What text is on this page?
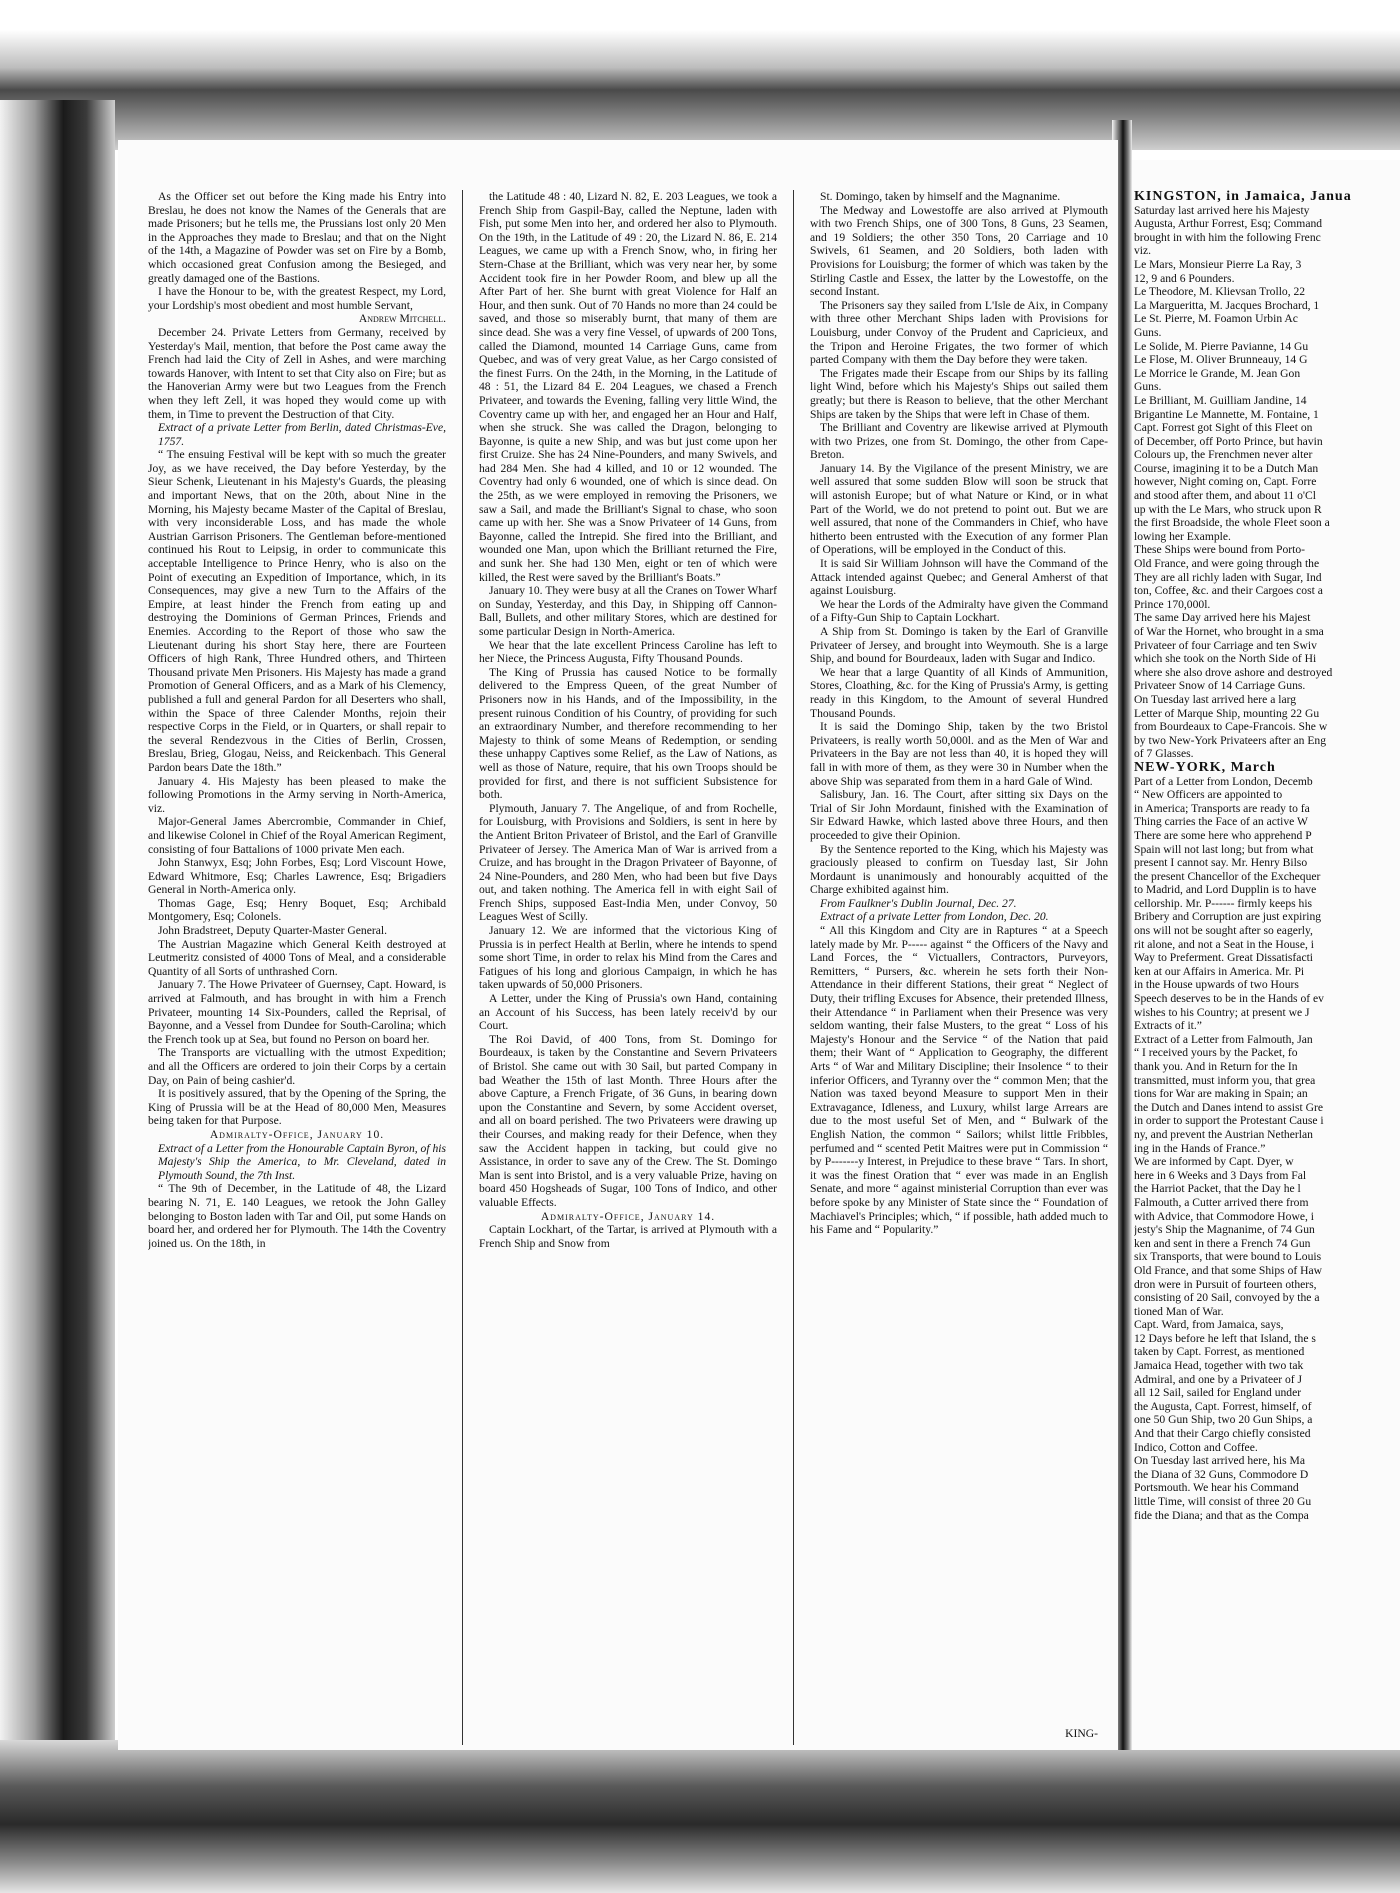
As the Officer set out before the King made his Entry into Breslau, he does not know the Names of the Generals that are made Prisoners; but he tells me, the Prussians lost only 20 Men in the Approaches they made to Breslau; and that on the Night of the 14th, a Magazine of Powder was set on Fire by a Bomb, which occasioned great Confusion among the Besieged, and greatly damaged one of the Bastions.

I have the Honour to be, with the greatest Respect, my Lord, your Lordship's most obedient and most humble Servant,

Andrew Mitchell.

December 24. Private Letters from Germany, received by Yesterday's Mail, mention, that before the Post came away the French had laid the City of Zell in Ashes, and were marching towards Hanover, with Intent to set that City also on Fire; but as the Hanoverian Army were but two Leagues from the French when they left Zell, it was hoped they would come up with them, in Time to prevent the Destruction of that City.

Extract of a private Letter from Berlin, dated Christmas-Eve, 1757.

“ The ensuing Festival will be kept with so much the greater Joy, as we have received, the Day before Yesterday, by the Sieur Schenk, Lieutenant in his Majesty's Guards, the pleasing and important News, that on the 20th, about Nine in the Morning, his Majesty became Master of the Capital of Breslau, with very inconsiderable Loss, and has made the whole Austrian Garrison Prisoners. The Gentleman before-mentioned continued his Rout to Leipsig, in order to communicate this acceptable Intelligence to Prince Henry, who is also on the Point of executing an Expedition of Importance, which, in its Consequences, may give a new Turn to the Affairs of the Empire, at least hinder the French from eating up and destroying the Dominions of German Princes, Friends and Enemies. According to the Report of those who saw the Lieutenant during his short Stay here, there are Fourteen Officers of high Rank, Three Hundred others, and Thirteen Thousand private Men Prisoners. His Majesty has made a grand Promotion of General Officers, and as a Mark of his Clemency, published a full and general Pardon for all Deserters who shall, within the Space of three Calender Months, rejoin their respective Corps in the Field, or in Quarters, or shall repair to the several Rendezvous in the Cities of Berlin, Crossen, Breslau, Brieg, Glogau, Neiss, and Reickenbach. This General Pardon bears Date the 18th.”

January 4. His Majesty has been pleased to make the following Promotions in the Army serving in North-America, viz.

Major-General James Abercrombie, Commander in Chief, and likewise Colonel in Chief of the Royal American Regiment, consisting of four Battalions of 1000 private Men each.

John Stanwyx, Esq; John Forbes, Esq; Lord Viscount Howe, Edward Whitmore, Esq; Charles Lawrence, Esq; Brigadiers General in North-America only.

Thomas Gage, Esq; Henry Boquet, Esq; Archibald Montgomery, Esq; Colonels.

John Bradstreet, Deputy Quarter-Master General.

The Austrian Magazine which General Keith destroyed at Leutmeritz consisted of 4000 Tons of Meal, and a considerable Quantity of all Sorts of unthrashed Corn.

January 7. The Howe Privateer of Guernsey, Capt. Howard, is arrived at Falmouth, and has brought in with him a French Privateer, mounting 14 Six-Pounders, called the Reprisal, of Bayonne, and a Vessel from Dundee for South-Carolina; which the French took up at Sea, but found no Person on board her.

The Transports are victualling with the utmost Expedition; and all the Officers are ordered to join their Corps by a certain Day, on Pain of being cashier'd.

It is positively assured, that by the Opening of the Spring, the King of Prussia will be at the Head of 80,000 Men, Measures being taken for that Purpose.

Admiralty-Office, January 10.

Extract of a Letter from the Honourable Captain Byron, of his Majesty's Ship the America, to Mr. Cleveland, dated in Plymouth Sound, the 7th Inst.

“ The 9th of December, in the Latitude of 48, the Lizard bearing N. 71, E. 140 Leagues, we retook the John Galley belonging to Boston laden with Tar and Oil, put some Hands on board her, and ordered her for Plymouth. The 14th the Coventry joined us. On the 18th, in

the Latitude 48 : 40, Lizard N. 82, E. 203 Leagues, we took a French Ship from Gaspil-Bay, called the Neptune, laden with Fish, put some Men into her, and ordered her also to Plymouth. On the 19th, in the Latitude of 49 : 20, the Lizard N. 86, E. 214 Leagues, we came up with a French Snow, who, in firing her Stern-Chase at the Brilliant, which was very near her, by some Accident took fire in her Powder Room, and blew up all the After Part of her. She burnt with great Violence for Half an Hour, and then sunk. Out of 70 Hands no more than 24 could be saved, and those so miserably burnt, that many of them are since dead. She was a very fine Vessel, of upwards of 200 Tons, called the Diamond, mounted 14 Carriage Guns, came from Quebec, and was of very great Value, as her Cargo consisted of the finest Furrs. On the 24th, in the Morning, in the Latitude of 48 : 51, the Lizard 84 E. 204 Leagues, we chased a French Privateer, and towards the Evening, falling very little Wind, the Coventry came up with her, and engaged her an Hour and Half, when she struck. She was called the Dragon, belonging to Bayonne, is quite a new Ship, and was but just come upon her first Cruize. She has 24 Nine-Pounders, and many Swivels, and had 284 Men. She had 4 killed, and 10 or 12 wounded. The Coventry had only 6 wounded, one of which is since dead. On the 25th, as we were employed in removing the Prisoners, we saw a Sail, and made the Brilliant's Signal to chase, who soon came up with her. She was a Snow Privateer of 14 Guns, from Bayonne, called the Intrepid. She fired into the Brilliant, and wounded one Man, upon which the Brilliant returned the Fire, and sunk her. She had 130 Men, eight or ten of which were killed, the Rest were saved by the Brilliant's Boats.”

January 10. They were busy at all the Cranes on Tower Wharf on Sunday, Yesterday, and this Day, in Shipping off Cannon-Ball, Bullets, and other military Stores, which are destined for some particular Design in North-America.

We hear that the late excellent Princess Caroline has left to her Niece, the Princess Augusta, Fifty Thousand Pounds.

The King of Prussia has caused Notice to be formally delivered to the Empress Queen, of the great Number of Prisoners now in his Hands, and of the Impossibility, in the present ruinous Condition of his Country, of providing for such an extraordinary Number, and therefore recommending to her Majesty to think of some Means of Redemption, or sending these unhappy Captives some Relief, as the Law of Nations, as well as those of Nature, require, that his own Troops should be provided for first, and there is not sufficient Subsistence for both.

Plymouth, January 7. The Angelique, of and from Rochelle, for Louisburg, with Provisions and Soldiers, is sent in here by the Antient Briton Privateer of Bristol, and the Earl of Granville Privateer of Jersey. The America Man of War is arrived from a Cruize, and has brought in the Dragon Privateer of Bayonne, of 24 Nine-Pounders, and 280 Men, who had been but five Days out, and taken nothing. The America fell in with eight Sail of French Ships, supposed East-India Men, under Convoy, 50 Leagues West of Scilly.

January 12. We are informed that the victorious King of Prussia is in perfect Health at Berlin, where he intends to spend some short Time, in order to relax his Mind from the Cares and Fatigues of his long and glorious Campaign, in which he has taken upwards of 50,000 Prisoners.

A Letter, under the King of Prussia's own Hand, containing an Account of his Success, has been lately receiv'd by our Court.

The Roi David, of 400 Tons, from St. Domingo for Bourdeaux, is taken by the Constantine and Severn Privateers of Bristol. She came out with 30 Sail, but parted Company in bad Weather the 15th of last Month. Three Hours after the above Capture, a French Frigate, of 36 Guns, in bearing down upon the Constantine and Severn, by some Accident overset, and all on board perished. The two Privateers were drawing up their Courses, and making ready for their Defence, when they saw the Accident happen in tacking, but could give no Assistance, in order to save any of the Crew. The St. Domingo Man is sent into Bristol, and is a very valuable Prize, having on board 450 Hogsheads of Sugar, 100 Tons of Indico, and other valuable Effects.

Admiralty-Office, January 14.

Captain Lockhart, of the Tartar, is arrived at Plymouth with a French Ship and Snow from

St. Domingo, taken by himself and the Magnanime.

The Medway and Lowestoffe are also arrived at Plymouth with two French Ships, one of 300 Tons, 8 Guns, 23 Seamen, and 19 Soldiers; the other 350 Tons, 20 Carriage and 10 Swivels, 61 Seamen, and 20 Soldiers, both laden with Provisions for Louisburg; the former of which was taken by the Stirling Castle and Essex, the latter by the Lowestoffe, on the second Instant.

The Prisoners say they sailed from L'Isle de Aix, in Company with three other Merchant Ships laden with Provisions for Louisburg, under Convoy of the Prudent and Capricieux, and the Tripon and Heroine Frigates, the two former of which parted Company with them the Day before they were taken.

The Frigates made their Escape from our Ships by its falling light Wind, before which his Majesty's Ships out sailed them greatly; but there is Reason to believe, that the other Merchant Ships are taken by the Ships that were left in Chase of them.

The Brilliant and Coventry are likewise arrived at Plymouth with two Prizes, one from St. Domingo, the other from Cape-Breton.

January 14. By the Vigilance of the present Ministry, we are well assured that some sudden Blow will soon be struck that will astonish Europe; but of what Nature or Kind, or in what Part of the World, we do not pretend to point out. But we are well assured, that none of the Commanders in Chief, who have hitherto been entrusted with the Execution of any former Plan of Operations, will be employed in the Conduct of this.

It is said Sir William Johnson will have the Command of the Attack intended against Quebec; and General Amherst of that against Louisburg.

We hear the Lords of the Admiralty have given the Command of a Fifty-Gun Ship to Captain Lockhart.

A Ship from St. Domingo is taken by the Earl of Granville Privateer of Jersey, and brought into Weymouth. She is a large Ship, and bound for Bourdeaux, laden with Sugar and Indico.

We hear that a large Quantity of all Kinds of Ammunition, Stores, Cloathing, &c. for the King of Prussia's Army, is getting ready in this Kingdom, to the Amount of several Hundred Thousand Pounds.

It is said the Domingo Ship, taken by the two Bristol Privateers, is really worth 50,000l. and as the Men of War and Privateers in the Bay are not less than 40, it is hoped they will fall in with more of them, as they were 30 in Number when the above Ship was separated from them in a hard Gale of Wind.

Salisbury, Jan. 16. The Court, after sitting six Days on the Trial of Sir John Mordaunt, finished with the Examination of Sir Edward Hawke, which lasted above three Hours, and then proceeded to give their Opinion.

By the Sentence reported to the King, which his Majesty was graciously pleased to confirm on Tuesday last, Sir John Mordaunt is unanimously and honourably acquitted of the Charge exhibited against him.

From Faulkner's Dublin Journal, Dec. 27.

Extract of a private Letter from London, Dec. 20.

“ All this Kingdom and City are in Raptures “ at a Speech lately made by Mr. P----- against “ the Officers of the Navy and Land Forces, the “ Victuallers, Contractors, Purveyors, Remitters, “ Pursers, &c. wherein he sets forth their Non-Attendance in their different Stations, their great “ Neglect of Duty, their trifling Excuses for Absence, their pretended Illness, their Attendance “ in Parliament when their Presence was very seldom wanting, their false Musters, to the great “ Loss of his Majesty's Honour and the Service “ of the Nation that paid them; their Want of “ Application to Geography, the different Arts “ of War and Military Discipline; their Insolence “ to their inferior Officers, and Tyranny over the “ common Men; that the Nation was taxed beyond Measure to support Men in their Extravagance, Idleness, and Luxury, whilst large Arrears are due to the most useful Set of Men, and “ Bulwark of the English Nation, the common “ Sailors; whilst little Fribbles, perfumed and “ scented Petit Maitres were put in Commission “ by P-------y Interest, in Prejudice to these brave “ Tars. In short, it was the finest Oration that “ ever was made in an English Senate, and more “ against ministerial Corruption than ever was before spoke by any Minister of State since the “ Foundation of Machiavel's Principles; which, “ if possible, hath added much to his Fame and “ Popularity.”

KING-

KINGSTON, in Jamaica, Janua

Saturday last arrived here his Majesty

Augusta, Arthur Forrest, Esq; Command

brought in with him the following Frenc

viz.

Le Mars, Monsieur Pierre La Ray, 3

12, 9 and 6 Pounders.

Le Theodore, M. Klievsan Trollo, 22

La Margueritta, M. Jacques Brochard, 1

Le St. Pierre, M. Foamon Urbin Ac

Guns.

Le Solide, M. Pierre Pavianne, 14 Gu

Le Flose, M. Oliver Brunneauy, 14 G

Le Morrice le Grande, M. Jean Gon

Guns.

Le Brilliant, M. Guilliam Jandine, 14

Brigantine Le Mannette, M. Fontaine, 1

Capt. Forrest got Sight of this Fleet on

of December, off Porto Prince, but havin

Colours up, the Frenchmen never alter

Course, imagining it to be a Dutch Man

however, Night coming on, Capt. Forre

and stood after them, and about 11 o'Cl

up with the Le Mars, who struck upon R

the first Broadside, the whole Fleet soon a

lowing her Example.

These Ships were bound from Porto-

Old France, and were going through the

They are all richly laden with Sugar, Ind

ton, Coffee, &c. and their Cargoes cost a

Prince 170,000l.

The same Day arrived here his Majest

of War the Hornet, who brought in a sma

Privateer of four Carriage and ten Swiv

which she took on the North Side of Hi

where she also drove ashore and destroyed

Privateer Snow of 14 Carriage Guns.

On Tuesday last arrived here a larg

Letter of Marque Ship, mounting 22 Gu

from Bourdeaux to Cape-Francois. She w

by two New-York Privateers after an Eng

of 7 Glasses.

NEW-YORK, March

Part of a Letter from London, Decemb

“ New Officers are appointed to

in America; Transports are ready to fa

Thing carries the Face of an active W

There are some here who apprehend P

Spain will not last long; but from what

present I cannot say. Mr. Henry Bilso

the present Chancellor of the Exchequer

to Madrid, and Lord Dupplin is to have

cellorship. Mr. P------ firmly keeps his

Bribery and Corruption are just expiring

ons will not be sought after so eagerly,

rit alone, and not a Seat in the House, i

Way to Preferment. Great Dissatisfacti

ken at our Affairs in America. Mr. Pi

in the House upwards of two Hours

Speech deserves to be in the Hands of ev

wishes to his Country; at present we J

Extracts of it.”

Extract of a Letter from Falmouth, Jan

“ I received yours by the Packet, fo

thank you. And in Return for the In

transmitted, must inform you, that grea

tions for War are making in Spain; an

the Dutch and Danes intend to assist Gre

in order to support the Protestant Cause i

ny, and prevent the Austrian Netherlan

ing in the Hands of France.”

We are informed by Capt. Dyer, w

here in 6 Weeks and 3 Days from Fal

the Harriot Packet, that the Day he l

Falmouth, a Cutter arrived there from

with Advice, that Commodore Howe, i

jesty's Ship the Magnanime, of 74 Gun

ken and sent in there a French 74 Gun

six Transports, that were bound to Louis

Old France, and that some Ships of Haw

dron were in Pursuit of fourteen others,

consisting of 20 Sail, convoyed by the a

tioned Man of War.

Capt. Ward, from Jamaica, says,

12 Days before he left that Island, the s

taken by Capt. Forrest, as mentioned

Jamaica Head, together with two tak

Admiral, and one by a Privateer of J

all 12 Sail, sailed for England under

the Augusta, Capt. Forrest, himself, of

one 50 Gun Ship, two 20 Gun Ships, a

And that their Cargo chiefly consisted

Indico, Cotton and Coffee.

On Tuesday last arrived here, his Ma

the Diana of 32 Guns, Commodore D

Portsmouth. We hear his Command

little Time, will consist of three 20 Gu

fide the Diana; and that as the Compa
